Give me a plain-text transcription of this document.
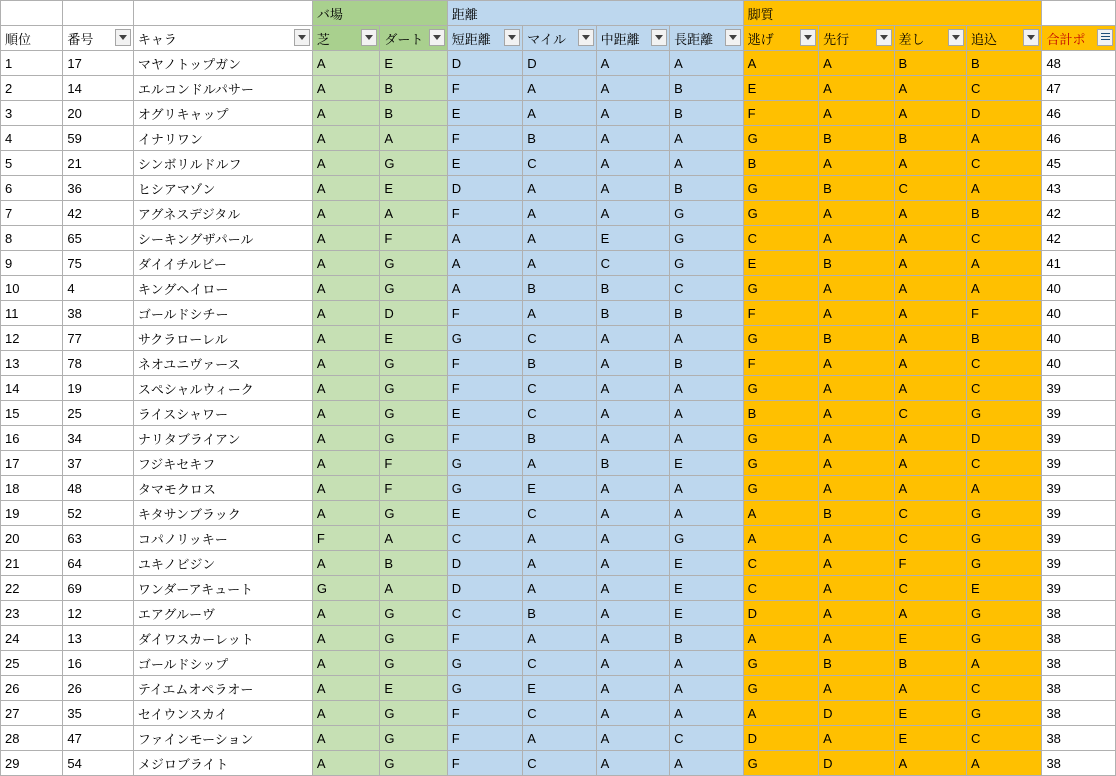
			バ場		距離				脚質				
順位	番号	キャラ	芝	ダート	短距離	マイル	中距離	長距離	逃げ	先行	差し	追込	合計ポ

1	17	マヤノトップガン	A	E	D	D	A	A	A	A	B	B	48
2	14	エルコンドルパサー	A	B	F	A	A	B	E	A	A	C	47
3	20	オグリキャップ	A	B	E	A	A	B	F	A	A	D	46
4	59	イナリワン	A	A	F	B	A	A	G	B	B	A	46
5	21	シンボリルドルフ	A	G	E	C	A	A	B	A	A	C	45
6	36	ヒシアマゾン	A	E	D	A	A	B	G	B	C	A	43
7	42	アグネスデジタル	A	A	F	A	A	G	G	A	A	B	42
8	65	シーキングザパール	A	F	A	A	E	G	C	A	A	C	42
9	75	ダイイチルビー	A	G	A	A	C	G	E	B	A	A	41
10	4	キングヘイロー	A	G	A	B	B	C	G	A	A	A	40
11	38	ゴールドシチー	A	D	F	A	B	B	F	A	A	F	40
12	77	サクラローレル	A	E	G	C	A	A	G	B	A	B	40
13	78	ネオユニヴァース	A	G	F	B	A	B	F	A	A	C	40
14	19	スペシャルウィーク	A	G	F	C	A	A	G	A	A	C	39
15	25	ライスシャワー	A	G	E	C	A	A	B	A	C	G	39
16	34	ナリタブライアン	A	G	F	B	A	A	G	A	A	D	39
17	37	フジキセキフ	A	F	G	A	B	E	G	A	A	C	39
18	48	タマモクロス	A	F	G	E	A	A	G	A	A	A	39
19	52	キタサンブラック	A	G	E	C	A	A	A	B	C	G	39
20	63	コパノリッキー	F	A	C	A	A	G	A	A	C	G	39
21	64	ユキノビジン	A	B	D	A	A	E	C	A	F	G	39
22	69	ワンダーアキュート	G	A	D	A	A	E	C	A	C	E	39
23	12	エアグルーヴ	A	G	C	B	A	E	D	A	A	G	38
24	13	ダイワスカーレット	A	G	F	A	A	B	A	A	E	G	38
25	16	ゴールドシップ	A	G	G	C	A	A	G	B	B	A	38
26	26	テイエムオペラオー	A	E	G	E	A	A	G	A	A	C	38
27	35	セイウンスカイ	A	G	F	C	A	A	A	D	E	G	38
28	47	ファインモーション	A	G	F	A	A	C	D	A	E	C	38
29	54	メジロブライト	A	G	F	C	A	A	G	D	A	A	38
